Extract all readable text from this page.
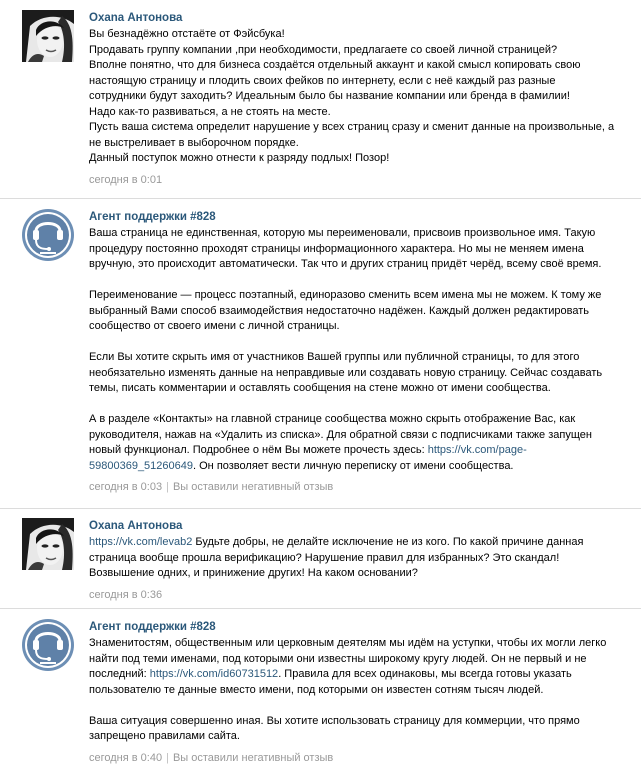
Оxana Антонова

Вы безнадёжно отстаёте от Фэйсбука!

Продавать группу компании ,при необходимости, предлагаете со своей личной страницей?

Вполне понятно, что для бизнеса создаётся отдельный аккаунт и какой смысл копировать свою

настоящую страницу и плодить своих фейков по интернету, если с неё каждый раз разные

сотрудники будут заходить? Идеальным было бы название компании или бренда в фамилии!

Надо как-то развиваться, а не стоять на месте.

Пусть ваша система определит нарушение у всех страниц сразу и сменит данные на произвольные, а

не выстреливает в выборочном порядке.

Данный поступок можно отнести к разряду подлых! Позор!

сегодня в 0:01
Агент поддержки #828

Ваша страница не единственная, которую мы переименовали, присвоив произвольное имя. Такую

процедуру постоянно проходят страницы информационного характера. Но мы не меняем имена

вручную, это происходит автоматически. Так что и других страниц придёт черёд, всему своё время.

Переименование — процесс поэтапный, единоразово сменить всем имена мы не можем. К тому же

выбранный Вами способ взаимодействия недостаточно надёжен. Каждый должен редактировать

сообщество от своего имени с личной страницы.

Если Вы хотите скрыть имя от участников Вашей группы или публичной страницы, то для этого

необязательно изменять данные на неправдивые или создавать новую страницу. Сейчас создавать

темы, писать комментарии и оставлять сообщения на стене можно от имени сообщества.

А в разделе «Контакты» на главной странице сообщества можно скрыть отображение Вас, как

руководителя, нажав на «Удалить из списка». Для обратной связи с подписчиками также запущен

новый функционал. Подробнее о нём Вы можете прочесть здесь: https://vk.com/page-

59800369_51260649. Он позволяет вести личную переписку от имени сообщества.

сегодня в 0:03 | Вы оставили негативный отзыв
Оxana Антонова

https://vk.com/levab2 Будьте добры, не делайте исключение не из кого. По какой причине данная

страница вообще прошла верификацию? Нарушение правил для избранных? Это скандал!

Возвышение одних, и принижение других! На каком основании?

сегодня в 0:36
Агент поддержки #828

Знаменитостям, общественным или церковным деятелям мы идём на уступки, чтобы их могли легко

найти под теми именами, под которыми они известны широкому кругу людей. Он не первый и не

последний: https://vk.com/id60731512. Правила для всех одинаковы, мы всегда готовы указать

пользователю те данные вместо имени, под которыми он известен сотням тысяч людей.

Ваша ситуация совершенно иная. Вы хотите использовать страницу для коммерции, что прямо

запрещено правилами сайта.

сегодня в 0:40 | Вы оставили негативный отзыв
